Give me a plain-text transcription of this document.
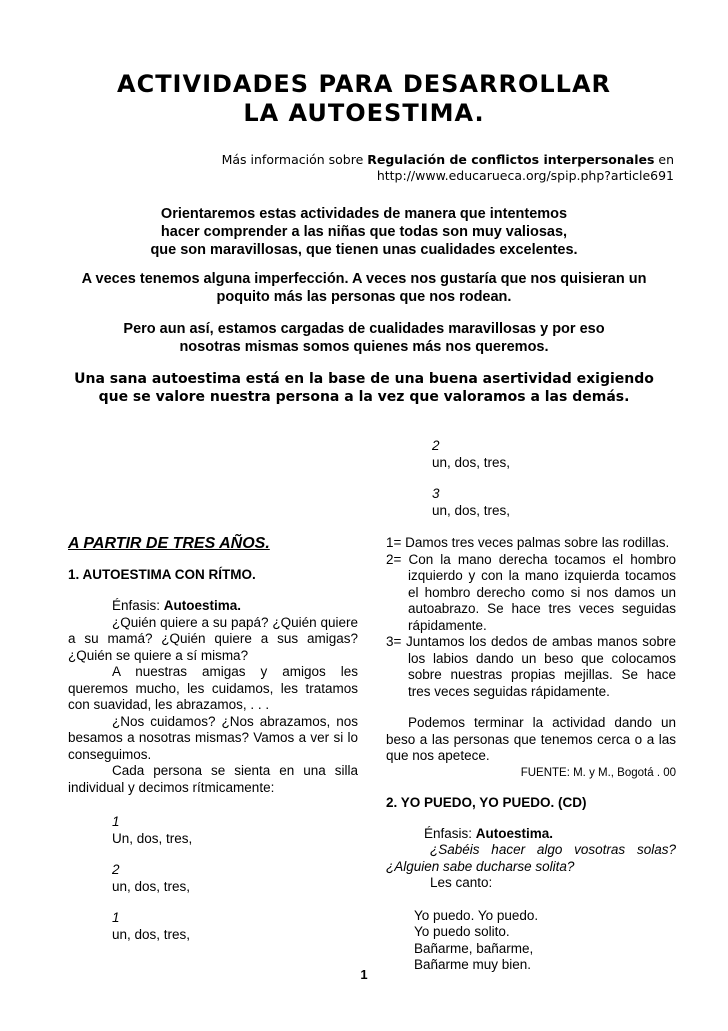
ACTIVIDADES PARA DESARROLLAR
LA AUTOESTIMA.
Más información sobre Regulación de conflictos interpersonales en
http://www.educarueca.org/spip.php?article691
Orientaremos estas actividades de manera que intentemos
hacer comprender a las niñas que todas son muy valiosas,
que son maravillosas, que tienen unas cualidades excelentes.
A veces tenemos alguna imperfección. A veces nos gustaría que nos quisieran un
poquito más las personas que nos rodean.
Pero aun así, estamos cargadas de cualidades maravillosas y por eso
nosotras mismas somos quienes más nos queremos.
Una sana autoestima está en la base de una buena asertividad exigiendo
que se valore nuestra persona a la vez que valoramos a las demás.
A PARTIR DE TRES AÑOS.
1. AUTOESTIMA CON RÍTMO.
Énfasis: Autoestima.
¿Quién quiere a su papá? ¿Quién quiere a su mamá? ¿Quién quiere a sus amigas? ¿Quién se quiere a sí misma?
A nuestras amigas y amigos les queremos mucho, les cuidamos, les tratamos con suavidad, les abrazamos, . . .
¿Nos cuidamos? ¿Nos abrazamos, nos besamos a nosotras mismas? Vamos a ver si lo conseguimos.
Cada persona se sienta en una silla individual y decimos rítmicamente:
1
Un, dos, tres,
2
un, dos, tres,
1
un, dos, tres,
2
un, dos, tres,
3
un, dos, tres,
1= Damos tres veces palmas sobre las rodillas.
2= Con la mano derecha tocamos el hombro izquierdo y con la mano izquierda tocamos el hombro derecho como si nos damos un autoabrazo. Se hace tres veces seguidas rápidamente.
3= Juntamos los dedos de ambas manos sobre los labios dando un beso que colocamos sobre nuestras propias mejillas. Se hace tres veces seguidas rápidamente.
Podemos terminar la actividad dando un beso a las personas que tenemos cerca o a las que nos apetece.
FUENTE: M. y M., Bogotá . 00
2. YO PUEDO, YO PUEDO. (CD)
Énfasis: Autoestima.
¿Sabéis hacer algo vosotras solas? ¿Alguien sabe ducharse solita?
Les canto:
Yo puedo. Yo puedo.
Yo puedo solito.
Bañarme, bañarme,
Bañarme muy bien.
1
